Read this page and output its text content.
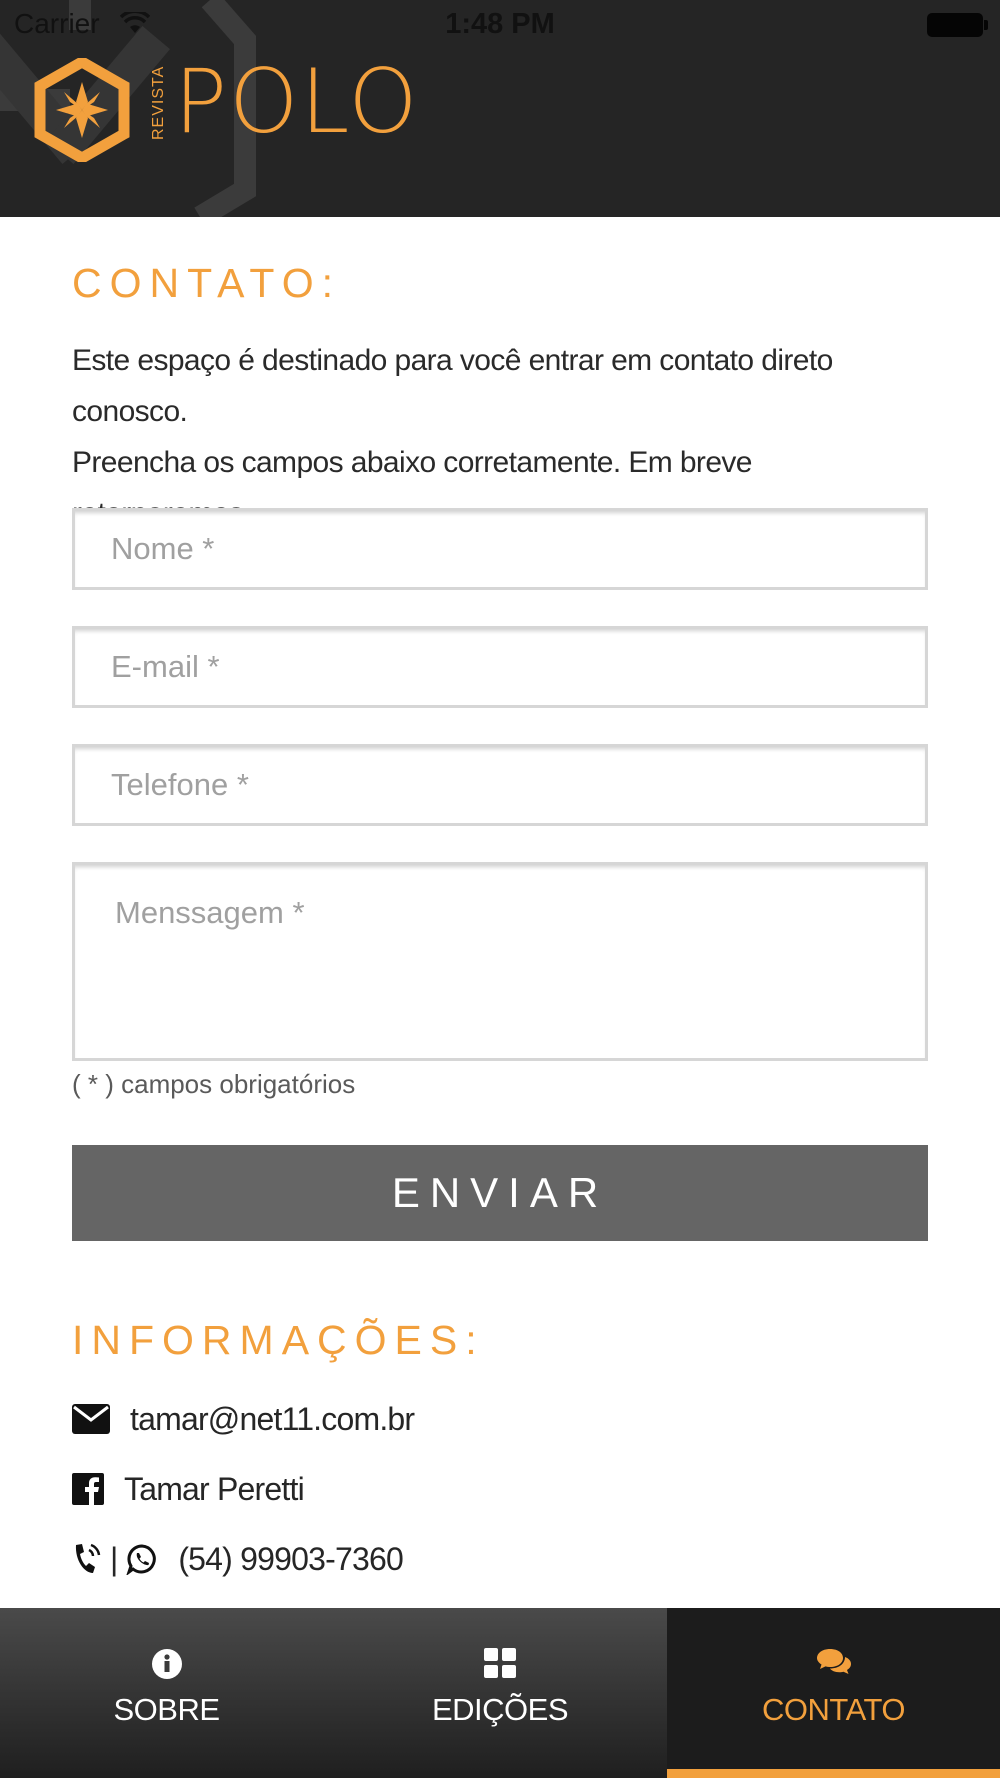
Carrier	1:48 PM
REVISTA POLO
CONTATO:
Este espaço é destinado para você entrar em contato direto conosco.
Preencha os campos abaixo corretamente. Em breve
Nome *
E-mail *
Telefone *
Menssagem *
( * ) campos obrigatórios
ENVIAR
INFORMAÇÕES:
tamar@net11.com.br
Tamar Peretti
| (54) 99903-7360
SOBRE	EDIÇÕES	CONTATO
